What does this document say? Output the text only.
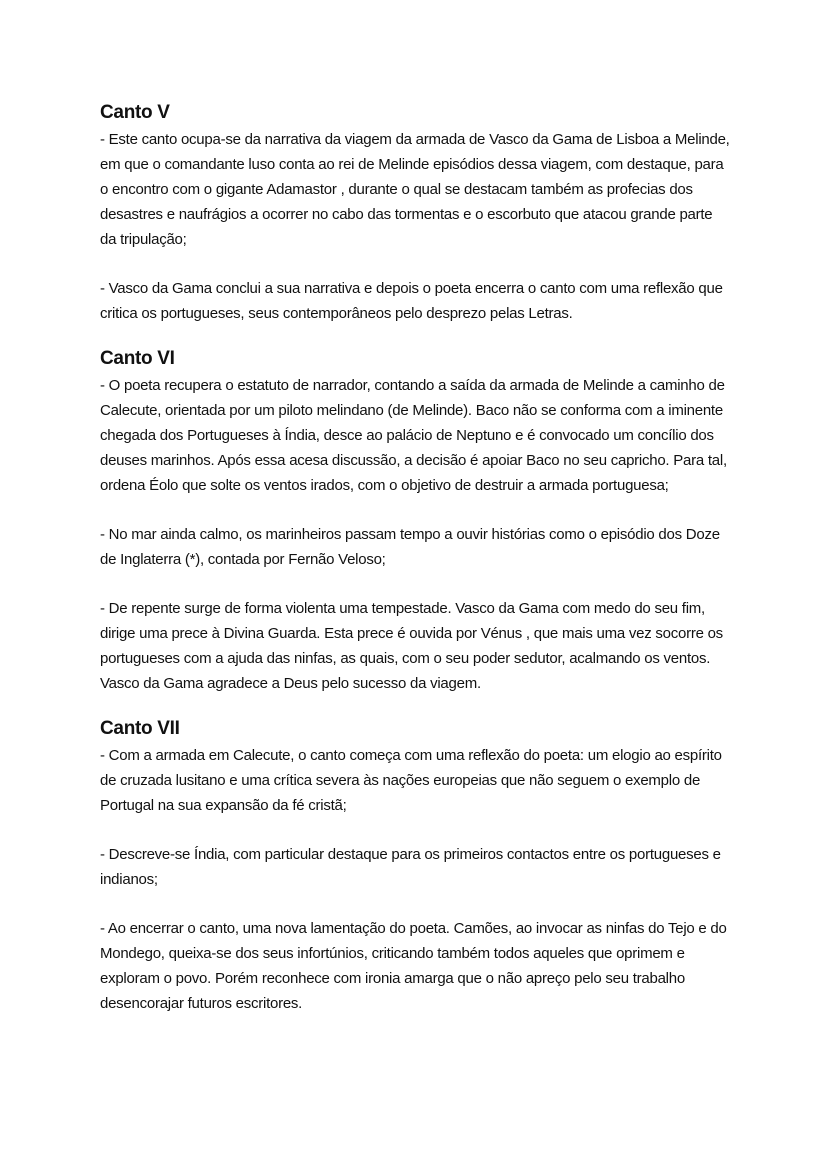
Canto V

- Este canto ocupa-se da narrativa da viagem da armada de Vasco da Gama de Lisboa a Melinde, em que o comandante luso conta ao rei de Melinde episódios dessa viagem, com destaque, para o encontro com o gigante Adamastor , durante o qual se destacam também as profecias dos desastres e naufrágios a ocorrer no cabo das tormentas e o escorbuto que atacou grande parte da tripulação;

- Vasco da Gama conclui a sua narrativa e depois o poeta encerra o canto com uma reflexão que critica os portugueses, seus contemporâneos pelo desprezo pelas Letras.

Canto VI

- O poeta recupera o estatuto de narrador, contando a saída da armada de Melinde a caminho de Calecute, orientada por um piloto melindano (de Melinde). Baco não se conforma com a iminente chegada dos Portugueses à Índia, desce ao palácio de Neptuno e é convocado um concílio dos deuses marinhos. Após essa acesa discussão, a decisão é apoiar Baco no seu capricho. Para tal, ordena Éolo que solte os ventos irados, com o objetivo de destruir a armada portuguesa;

- No mar ainda calmo, os marinheiros passam tempo a ouvir histórias como o episódio dos Doze de Inglaterra (*), contada por Fernão Veloso;

- De repente surge de forma violenta uma tempestade. Vasco da Gama com medo do seu fim, dirige uma prece à Divina Guarda. Esta prece é ouvida por Vénus , que mais uma vez socorre os portugueses com a ajuda das ninfas, as quais, com o seu poder sedutor, acalmando os ventos. Vasco da Gama agradece a Deus pelo sucesso da viagem.

Canto VII

- Com a armada em Calecute, o canto começa com uma reflexão do poeta: um elogio ao espírito de cruzada lusitano e uma crítica severa às nações europeias que não seguem o exemplo de Portugal na sua expansão da fé cristã;

- Descreve-se Índia, com particular destaque para os primeiros contactos entre os portugueses e indianos;

- Ao encerrar o canto, uma nova lamentação do poeta. Camões, ao invocar as ninfas do Tejo e do Mondego, queixa-se dos seus infortúnios, criticando também todos aqueles que oprimem e exploram o povo. Porém reconhece com ironia amarga que o não apreço pelo seu trabalho desencorajar futuros escritores.
